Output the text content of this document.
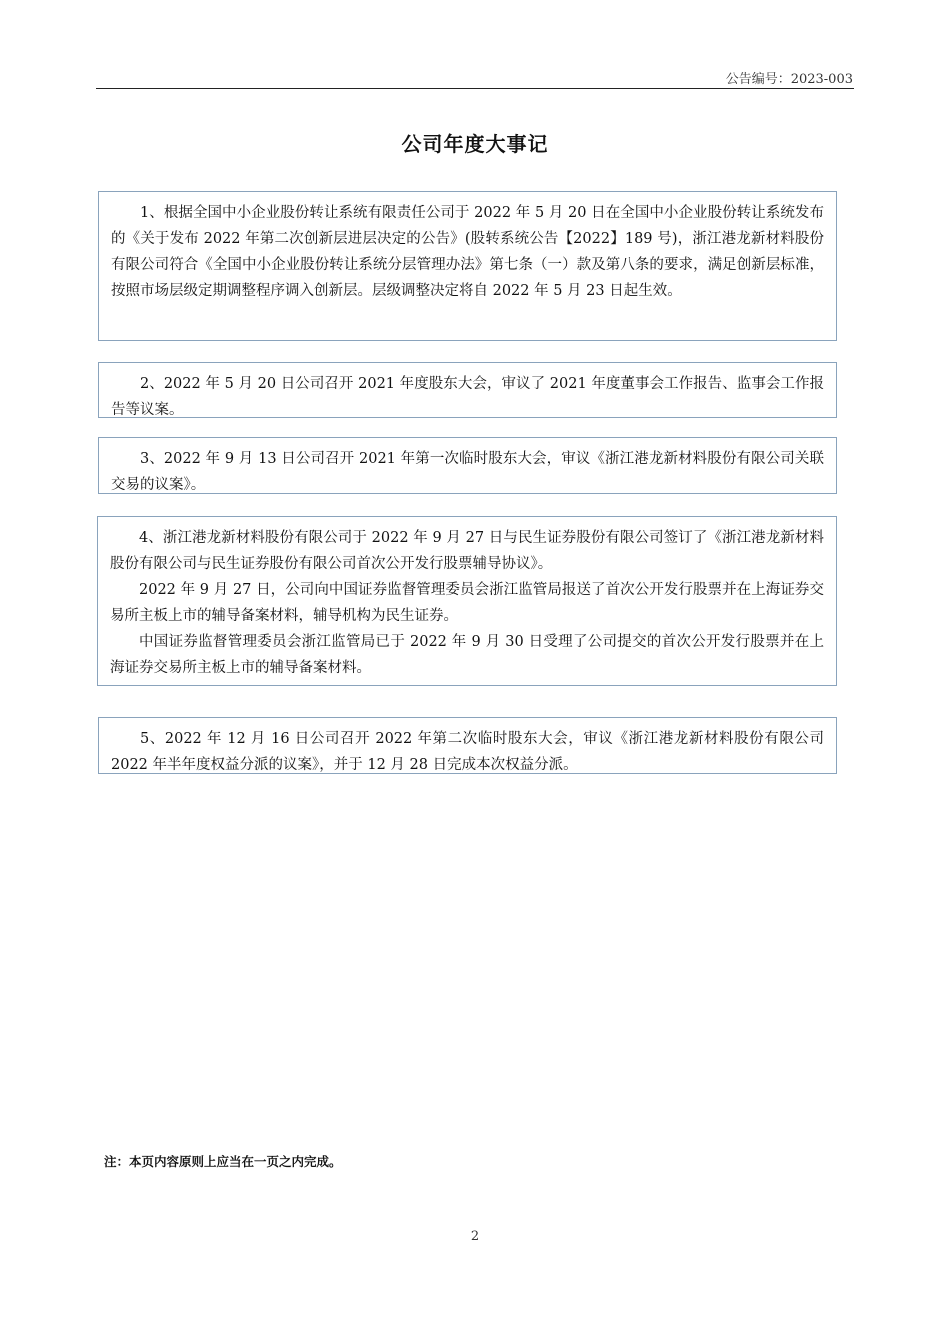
公告编号：2023-003
公司年度大事记

1、根据全国中小企业股份转让系统有限责任公司于 2022 年 5 月 20 日在全国中小企业股份转让系统发布的《关于发布 2022 年第二次创新层进层决定的公告》(股转系统公告【2022】189 号)，浙江港龙新材料股份有限公司符合《全国中小企业股份转让系统分层管理办法》第七条（一）款及第八条的要求，满足创新层标准，按照市场层级定期调整程序调入创新层。层级调整决定将自 2022 年 5 月 23 日起生效。

2、2022 年 5 月 20 日公司召开 2021 年度股东大会，审议了 2021 年度董事会工作报告、监事会工作报告等议案。

3、2022 年 9 月 13 日公司召开 2021 年第一次临时股东大会，审议《浙江港龙新材料股份有限公司关联交易的议案》。

4、浙江港龙新材料股份有限公司于 2022 年 9 月 27 日与民生证券股份有限公司签订了《浙江港龙新材料股份有限公司与民生证券股份有限公司首次公开发行股票辅导协议》。

2022 年 9 月 27 日，公司向中国证券监督管理委员会浙江监管局报送了首次公开发行股票并在上海证券交易所主板上市的辅导备案材料，辅导机构为民生证券。

中国证券监督管理委员会浙江监管局已于 2022 年 9 月 30 日受理了公司提交的首次公开发行股票并在上海证券交易所主板上市的辅导备案材料。

5、2022 年 12 月 16 日公司召开 2022 年第二次临时股东大会，审议《浙江港龙新材料股份有限公司 2022 年半年度权益分派的议案》，并于 12 月 28 日完成本次权益分派。

注：本页内容原则上应当在一页之内完成。
2
